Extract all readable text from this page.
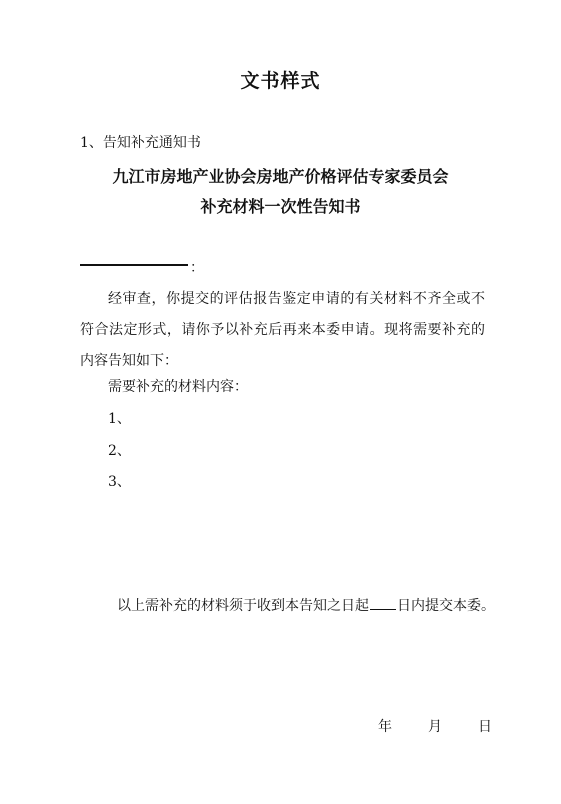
文书样式
1、告知补充通知书
九江市房地产业协会房地产价格评估专家委员会
补充材料一次性告知书
：
经审查，你提交的评估报告鉴定申请的有关材料不齐全或不符合法定形式，请你予以补充后再来本委申请。现将需要补充的内容告知如下：
需要补充的材料内容：
1、
2、
3、
以上需补充的材料须于收到本告知之日起 日内提交本委。
年	月	日
